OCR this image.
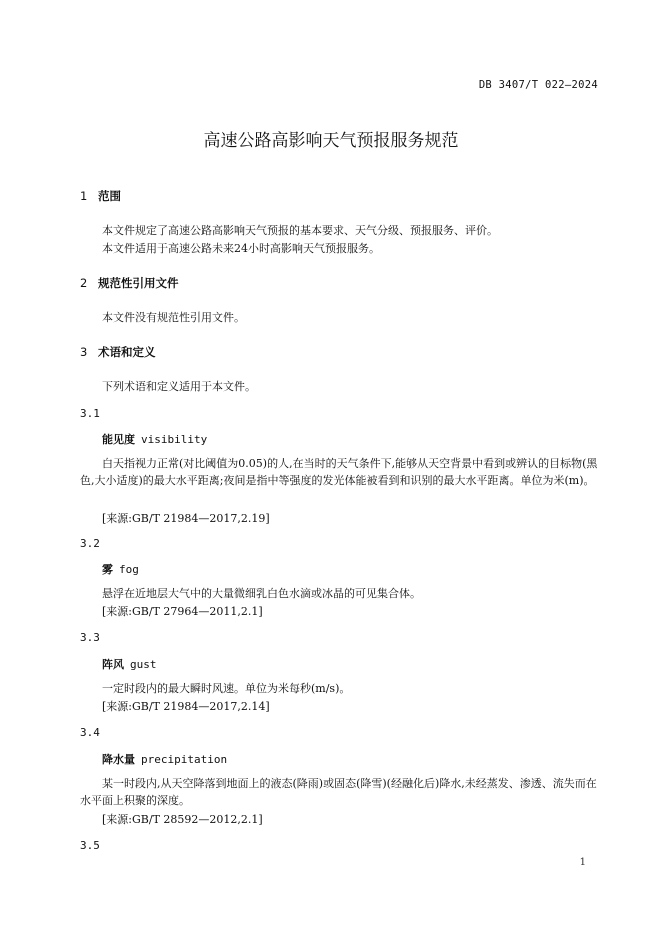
DB 3407/T 022—2024
高速公路高影响天气预报服务规范
1 范围
本文件规定了高速公路高影响天气预报的基本要求、天气分级、预报服务、评价。
本文件适用于高速公路未来24小时高影响天气预报服务。
2 规范性引用文件
本文件没有规范性引用文件。
3 术语和定义
下列术语和定义适用于本文件。
3.1
能见度 visibility
白天指视力正常(对比阈值为0.05)的人,在当时的天气条件下,能够从天空背景中看到或辨认的目标物(黑色,大小适度)的最大水平距离;夜间是指中等强度的发光体能被看到和识别的最大水平距离。单位为米(m)。
[来源:GB/T 21984—2017,2.19]
3.2
雾 fog
悬浮在近地层大气中的大量微细乳白色水滴或冰晶的可见集合体。
[来源:GB/T 27964—2011,2.1]
3.3
阵风 gust
一定时段内的最大瞬时风速。单位为米每秒(m/s)。
[来源:GB/T 21984—2017,2.14]
3.4
降水量 precipitation
某一时段内,从天空降落到地面上的液态(降雨)或固态(降雪)(经融化后)降水,未经蒸发、渗透、流失而在水平面上积聚的深度。
[来源:GB/T 28592—2012,2.1]
3.5
1
